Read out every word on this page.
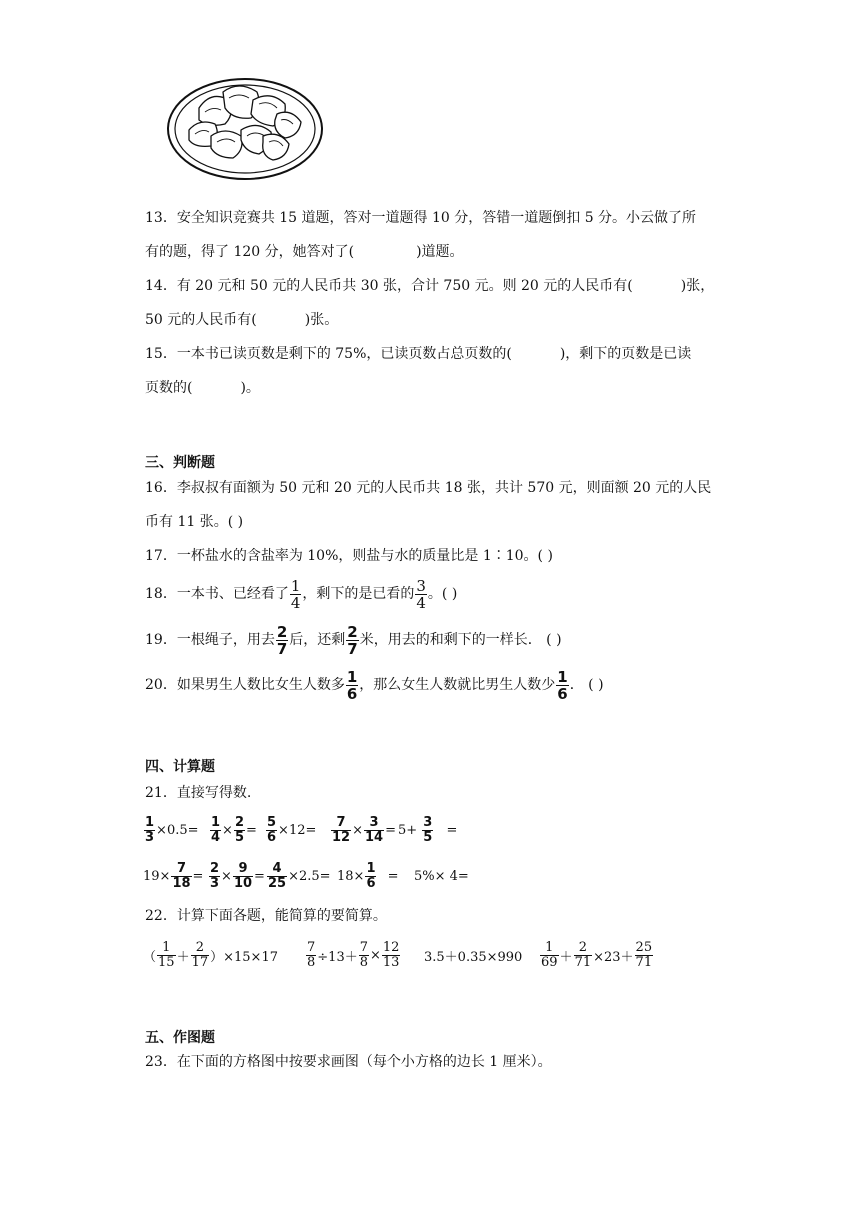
13．安全知识竞赛共 15 道题，答对一道题得 10 分，答错一道题倒扣 5 分。小云做了所
有的题，得了 120 分，她答对了(	)道题。
14．有 20 元和 50 元的人民币共 30 张，合计 750 元。则 20 元的人民币有(	)张，
50 元的人民币有(	)张。
15．一本书已读页数是剩下的 75%，已读页数占总页数的(	)，剩下的页数是已读
页数的(	)。
三、判断题
16．李叔叔有面额为 50 元和 20 元的人民币共 18 张，共计 570 元，则面额 20 元的人民
币有 11 张。( )
17．一杯盐水的含盐率为 10%，则盐与水的质量比是 1∶10。( )
18．一本书、已经看了 $\frac{1}{4}$ ，剩下的是已看的 $\frac{3}{4}$ 。( )
19．一根绳子，用去 $\frac{2}{7}$ 后，还剩 $\frac{2}{7}$ 米，用去的和剩下的一样长． ( )
20．如果男生人数比女生人数多 $\frac{1}{6}$ ，那么女生人数就比男生人数少 $\frac{1}{6}$ ． ( )
四、计算题
21．直接写得数.
$\frac{1}{3} \times 0.5= \frac{1}{4} \times \frac{2}{5} = \frac{5}{6} \times 12= \frac{7}{12} \times \frac{3}{14} = 5+ \frac{3}{5}$ =
$19\times \frac{7}{18} = \frac{2}{3} \times \frac{9}{10} = \frac{4}{25} \times 2.5= 18\times \frac{1}{6} = 5\%\times 4=$
22．计算下面各题，能简算的要简算。
（ $\frac{1}{15} + \frac{2}{17} )\times 15\times 17 \frac{7}{8} \div 13+ \frac{7}{8} \times \frac{12}{13} 3.5+0.35\times 990 \frac{1}{69} + \frac{2}{71} \times 23+ \frac{25}{71}$
五、作图题
23．在下面的方格图中按要求画图（每个小方格的边长 1 厘米）。
